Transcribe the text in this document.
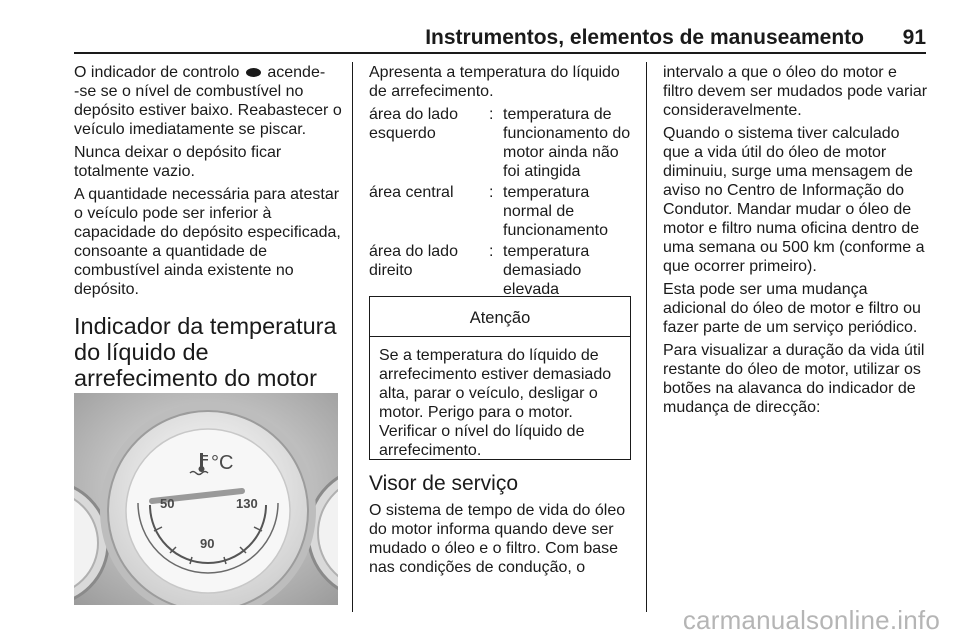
Instrumentos, elementos de manuseamento 91

O indicador de controlo acende-
-se se o nível de combustível no depósito estiver baixo. Reabastecer o veículo imediatamente se piscar.

Nunca deixar o depósito ficar totalmente vazio.

A quantidade necessária para atestar o veículo pode ser inferior à capacidade do depósito especificada, consoante a quantidade de combustível ainda existente no depósito.

Indicador da temperatura do líquido de arrefecimento do motor
°C
50
90
130

Apresenta a temperatura do líquido de arrefecimento.

área do lado esquerdo	:	temperatura de funcionamento do motor ainda não foi atingida
área central	:	temperatura normal de funcionamento
área do lado direito	:	temperatura demasiado elevada
Atenção
Se a temperatura do líquido de arrefecimento estiver demasiado alta, parar o veículo, desligar o motor. Perigo para o motor. Verificar o nível do líquido de arrefecimento.
Visor de serviço

O sistema de tempo de vida do óleo do motor informa quando deve ser mudado o óleo e o filtro. Com base nas condições de condução, o

intervalo a que o óleo do motor e filtro devem ser mudados pode variar consideravelmente.

Quando o sistema tiver calculado que a vida útil do óleo de motor diminuiu, surge uma mensagem de aviso no Centro de Informação do Condutor. Mandar mudar o óleo de motor e filtro numa oficina dentro de uma semana ou 500 km (conforme a que ocorrer primeiro).

Esta pode ser uma mudança adicional do óleo de motor e filtro ou fazer parte de um serviço periódico.

Para visualizar a duração da vida útil restante do óleo de motor, utilizar os botões na alavanca do indicador de mudança de direcção:

carmanualsonline.info
